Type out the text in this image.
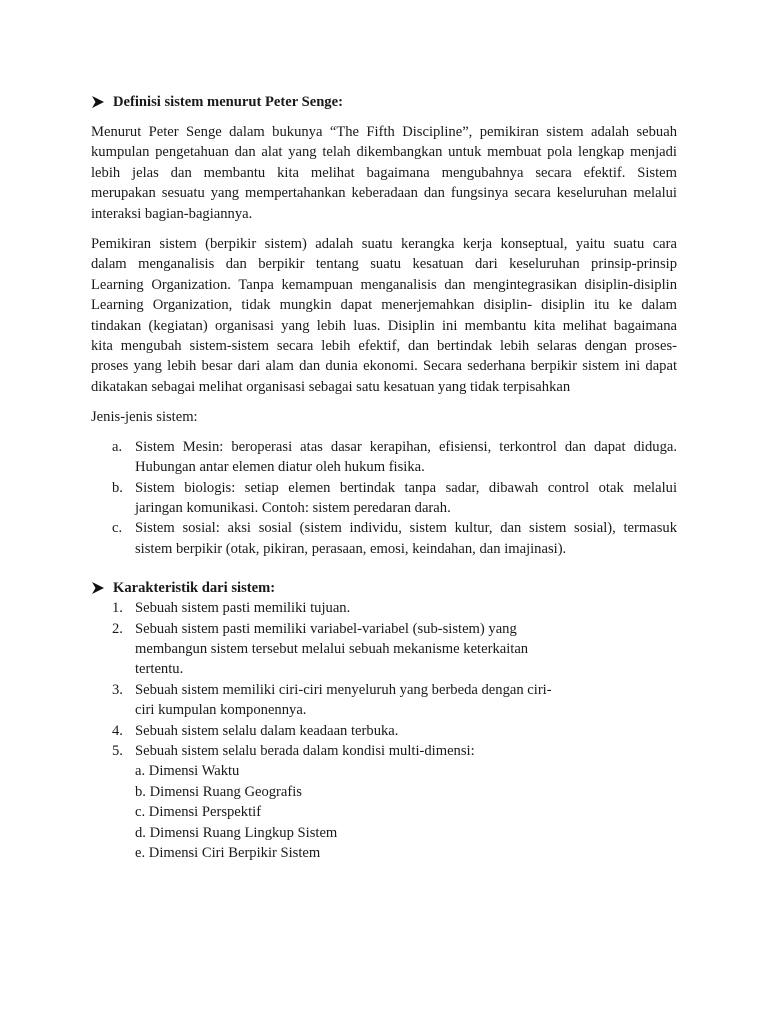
Definisi sistem menurut Peter Senge:

Menurut Peter Senge dalam bukunya “The Fifth Discipline”, pemikiran sistem adalah sebuah
kumpulan pengetahuan dan alat yang telah dikembangkan untuk membuat pola lengkap menjadi
lebih jelas dan membantu kita melihat bagaimana mengubahnya secara efektif. Sistem
merupakan sesuatu yang mempertahankan keberadaan dan fungsinya secara keseluruhan melalui
interaksi bagian-bagiannya.

Pemikiran sistem (berpikir sistem) adalah suatu kerangka kerja konseptual, yaitu suatu cara
dalam menganalisis dan berpikir tentang suatu kesatuan dari keseluruhan prinsip-prinsip
Learning Organization. Tanpa kemampuan menganalisis dan mengintegrasikan disiplin-disiplin
Learning Organization, tidak mungkin dapat menerjemahkan disiplin- disiplin itu ke dalam
tindakan (kegiatan) organisasi yang lebih luas. Disiplin ini membantu kita melihat bagaimana
kita mengubah sistem-sistem secara lebih efektif, dan bertindak lebih selaras dengan proses-
proses yang lebih besar dari alam dan dunia ekonomi. Secara sederhana berpikir sistem ini dapat
dikatakan sebagai melihat organisasi sebagai satu kesatuan yang tidak terpisahkan

Jenis-jenis sistem:
a. Sistem Mesin: beroperasi atas dasar kerapihan, efisiensi, terkontrol dan dapat diduga.
Hubungan antar elemen diatur oleh hukum fisika.
b. Sistem biologis: setiap elemen bertindak tanpa sadar, dibawah control otak melalui
jaringan komunikasi. Contoh: sistem peredaran darah.
c. Sistem sosial: aksi sosial (sistem individu, sistem kultur, dan sistem sosial), termasuk
sistem berpikir (otak, pikiran, perasaan, emosi, keindahan, dan imajinasi).
Karakteristik dari sistem:
1. Sebuah sistem pasti memiliki tujuan.
2. Sebuah sistem pasti memiliki variabel-variabel (sub-sistem) yang
membangun sistem tersebut melalui sebuah mekanisme keterkaitan
tertentu.
3. Sebuah sistem memiliki ciri-ciri menyeluruh yang berbeda dengan ciri-
ciri kumpulan komponennya.
4. Sebuah sistem selalu dalam keadaan terbuka.
5. Sebuah sistem selalu berada dalam kondisi multi-dimensi:
a. Dimensi Waktu
b. Dimensi Ruang Geografis
c. Dimensi Perspektif
d. Dimensi Ruang Lingkup Sistem
e. Dimensi Ciri Berpikir Sistem
